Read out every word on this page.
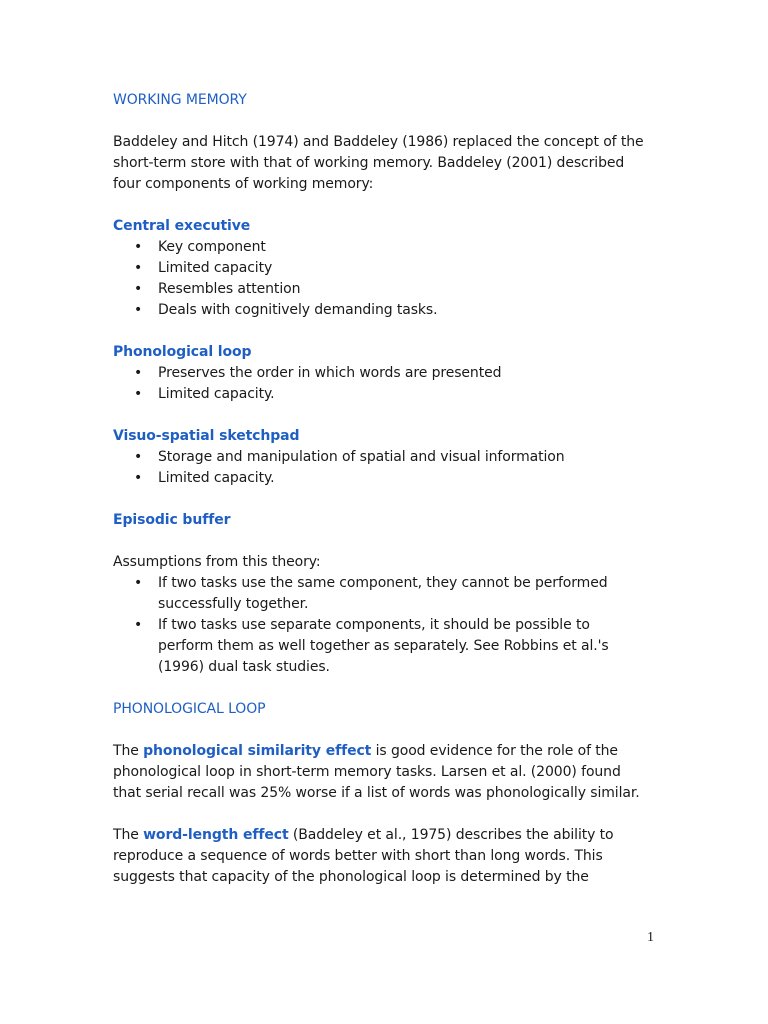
WORKING MEMORY

Baddeley and Hitch (1974) and Baddeley (1986) replaced the concept of the
short-term store with that of working memory. Baddeley (2001) described
four components of working memory:

Central executive
• Key component
• Limited capacity
• Resembles attention
• Deals with cognitively demanding tasks.
Phonological loop
• Preserves the order in which words are presented
• Limited capacity.
Visuo-spatial sketchpad
• Storage and manipulation of spatial and visual information
• Limited capacity.
Episodic buffer

Assumptions from this theory:

• If two tasks use the same component, they cannot be performed
successfully together.
• If two tasks use separate components, it should be possible to
perform them as well together as separately. See Robbins et al.'s
(1996) dual task studies.
PHONOLOGICAL LOOP

The phonological similarity effect is good evidence for the role of the
phonological loop in short-term memory tasks. Larsen et al. (2000) found
that serial recall was 25% worse if a list of words was phonologically similar.

The word-length effect (Baddeley et al., 1975) describes the ability to
reproduce a sequence of words better with short than long words. This
suggests that capacity of the phonological loop is determined by the

1
